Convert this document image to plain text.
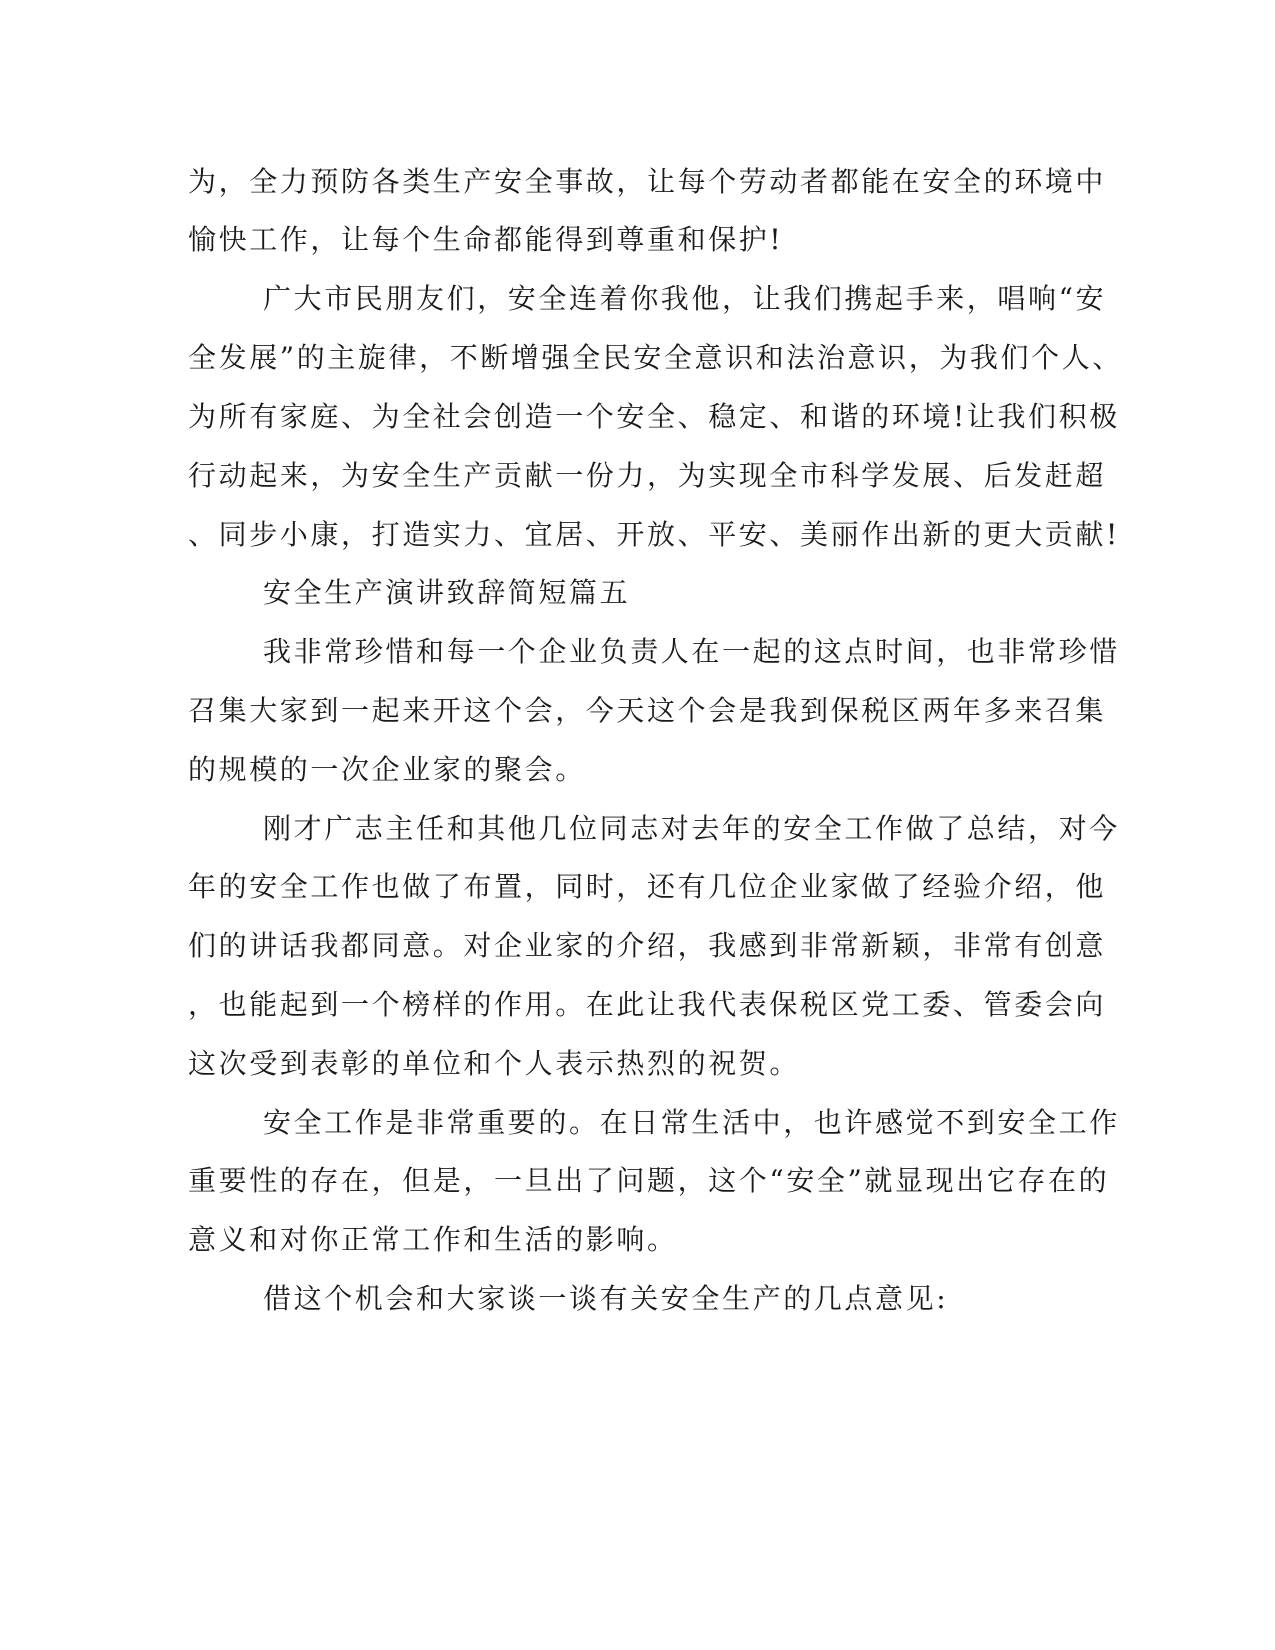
为，全力预防各类生产安全事故，让每个劳动者都能在安全的环境中
愉快工作，让每个生命都能得到尊重和保护!
广大市民朋友们，安全连着你我他，让我们携起手来，唱响“安
全发展”的主旋律，不断增强全民安全意识和法治意识，为我们个人、
为所有家庭、为全社会创造一个安全、稳定、和谐的环境!让我们积极
行动起来，为安全生产贡献一份力，为实现全市科学发展、后发赶超
、同步小康，打造实力、宜居、开放、平安、美丽作出新的更大贡献!
安全生产演讲致辞简短篇五
我非常珍惜和每一个企业负责人在一起的这点时间，也非常珍惜
召集大家到一起来开这个会，今天这个会是我到保税区两年多来召集
的规模的一次企业家的聚会。
刚才广志主任和其他几位同志对去年的安全工作做了总结，对今
年的安全工作也做了布置，同时，还有几位企业家做了经验介绍，他
们的讲话我都同意。对企业家的介绍，我感到非常新颖，非常有创意
，也能起到一个榜样的作用。在此让我代表保税区党工委、管委会向
这次受到表彰的单位和个人表示热烈的祝贺。
安全工作是非常重要的。在日常生活中，也许感觉不到安全工作
重要性的存在，但是，一旦出了问题，这个“安全”就显现出它存在的
意义和对你正常工作和生活的影响。
借这个机会和大家谈一谈有关安全生产的几点意见:
